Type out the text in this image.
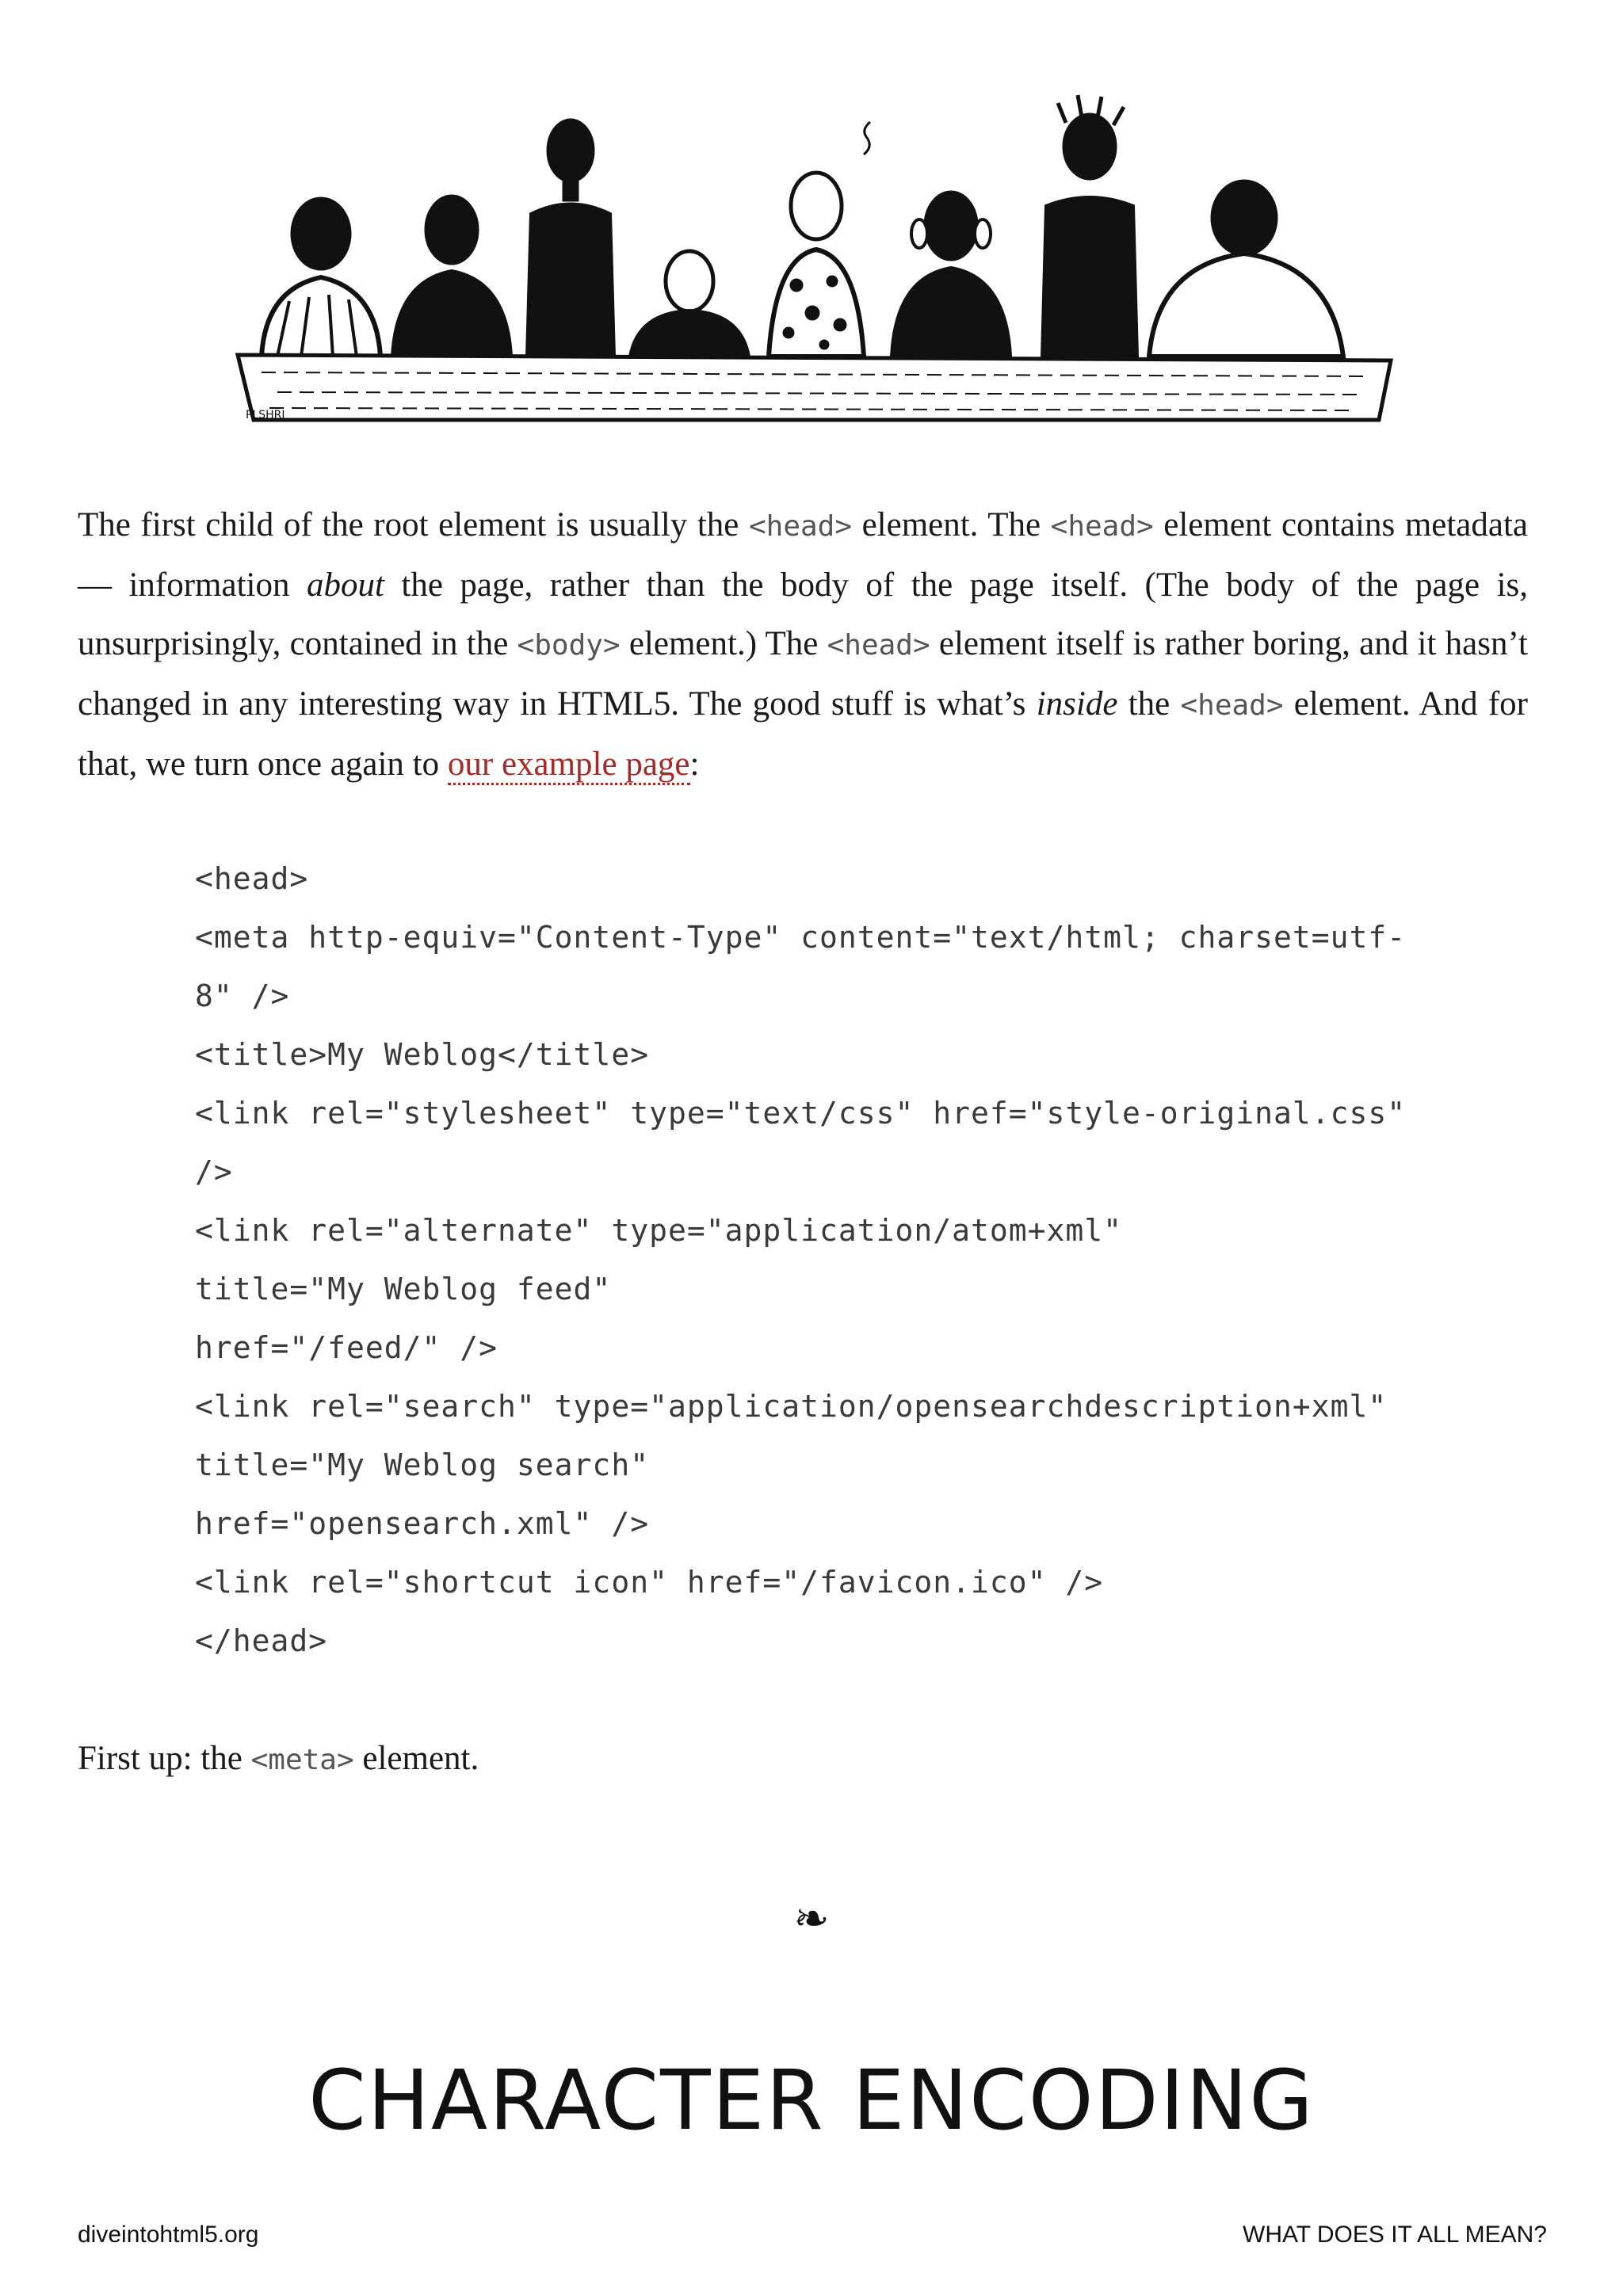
PLSHRI

The first child of the root element is usually the <head> element. The <head> element contains metadata — information about the page, rather than the body of the page itself. (The body of the page is, unsurprisingly, contained in the <body> element.) The <head> element itself is rather boring, and it hasn’t changed in any interesting way in HTML5. The good stuff is what’s inside the <head> element. And for that, we turn once again to our example page:

<head>
<meta http-equiv="Content-Type" content="text/html; charset=utf-
8" />
<title>My Weblog</title>
<link rel="stylesheet" type="text/css" href="style-original.css"
/>
<link rel="alternate" type="application/atom+xml"
title="My Weblog feed"
href="/feed/" />
<link rel="search" type="application/opensearchdescription+xml"
title="My Weblog search"
href="opensearch.xml" />
<link rel="shortcut icon" href="/favicon.ico" />
</head>

First up: the <meta> element.

❧
CHARACTER ENCODING
diveintohtml5.org	WHAT DOES IT ALL MEAN?
